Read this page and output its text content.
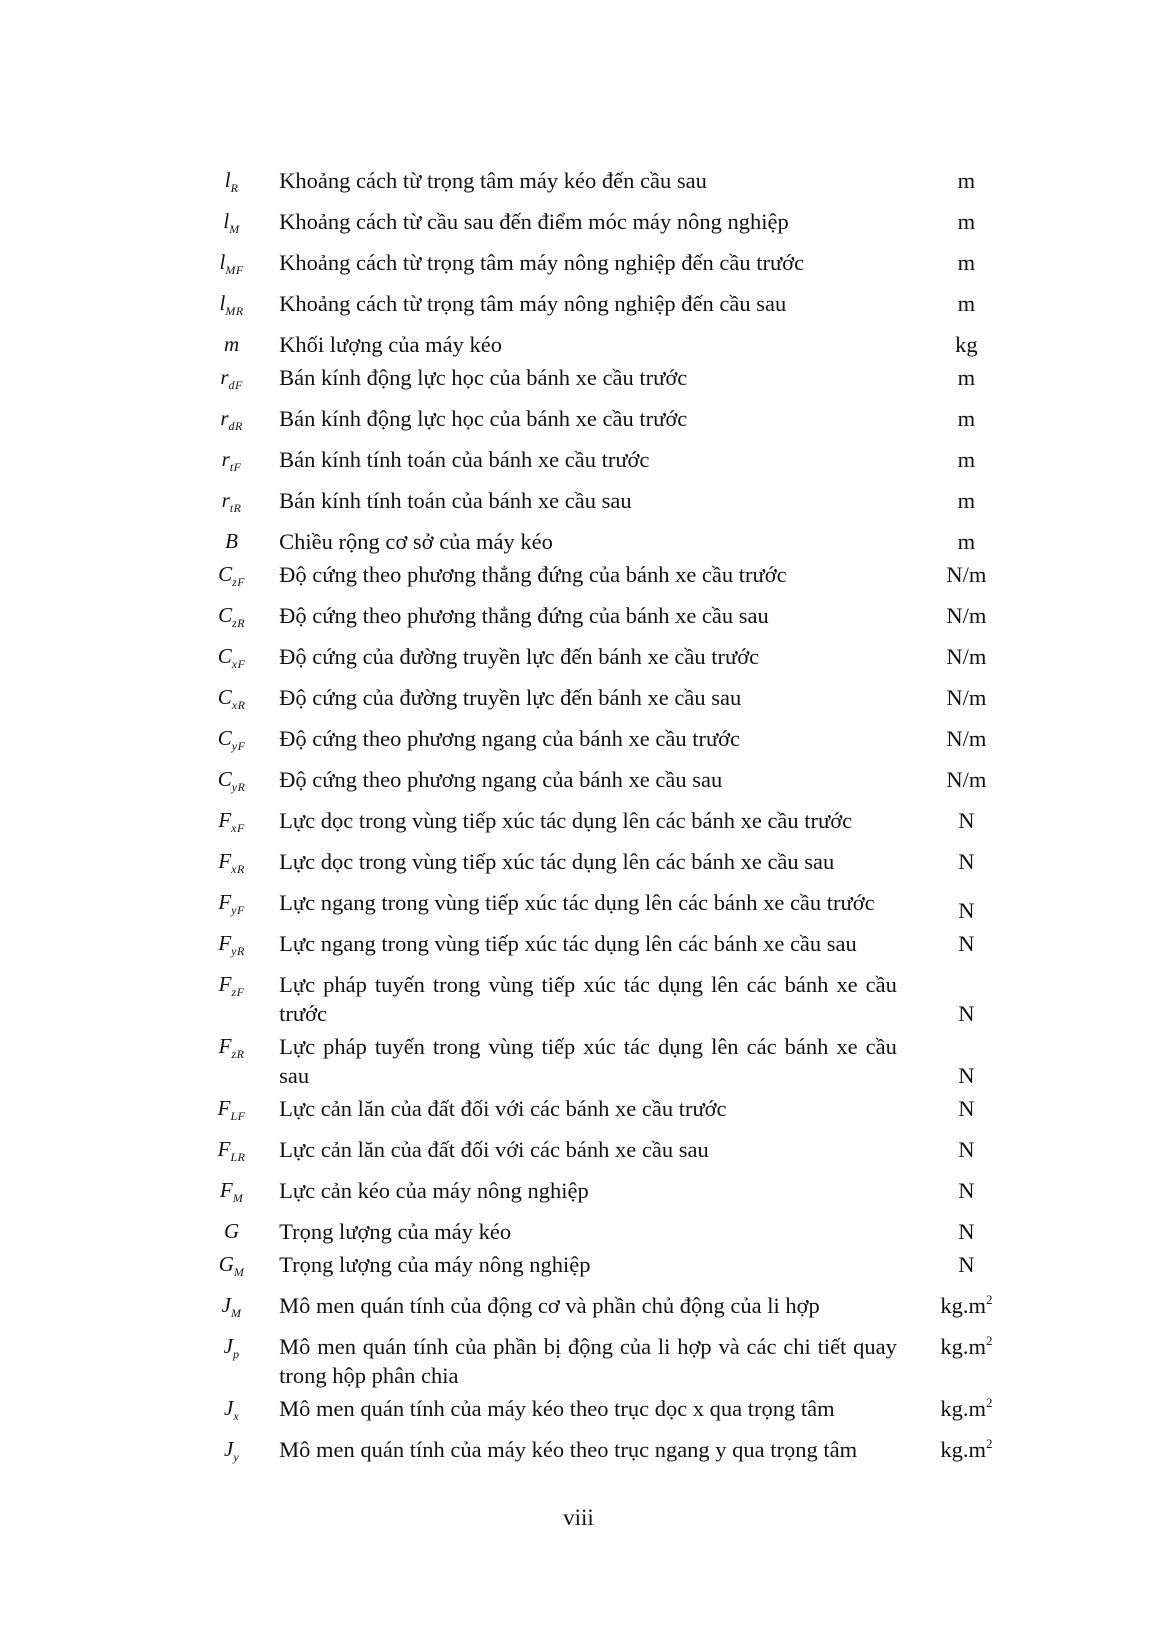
$l_R$	Khoảng cách từ trọng tâm máy kéo đến cầu sau	m
$l_M$	Khoảng cách từ cầu sau đến điểm móc máy nông nghiệp	m
$l_{MF}$	Khoảng cách từ trọng tâm máy nông nghiệp đến cầu trước	m
$l_{MR}$	Khoảng cách từ trọng tâm máy nông nghiệp đến cầu sau	m
m	Khối lượng của máy kéo	kg
$r_{dF}$	Bán kính động lực học của bánh xe cầu trước	m
$r_{dR}$	Bán kính động lực học của bánh xe cầu trước	m
$r_{tF}$	Bán kính tính toán của bánh xe cầu trước	m
$r_{tR}$	Bán kính tính toán của bánh xe cầu sau	m
B	Chiều rộng cơ sở của máy kéo	m
$C_{zF}$	Độ cứng theo phương thẳng đứng của bánh xe cầu trước	N/m
$C_{zR}$	Độ cứng theo phương thẳng đứng của bánh xe cầu sau	N/m
$C_{xF}$	Độ cứng của đường truyền lực đến bánh xe cầu trước	N/m
$C_{xR}$	Độ cứng của đường truyền lực đến bánh xe cầu sau	N/m
$C_{yF}$	Độ cứng theo phương ngang của bánh xe cầu trước	N/m
$C_{yR}$	Độ cứng theo phương ngang của bánh xe cầu sau	N/m
$F_{xF}$	Lực dọc trong vùng tiếp xúc tác dụng lên các bánh xe cầu trước	N
$F_{xR}$	Lực dọc trong vùng tiếp xúc tác dụng lên các bánh xe cầu sau	N
$F_{yF}$	Lực ngang trong vùng tiếp xúc tác dụng lên các bánh xe cầu trước	N
$F_{yR}$	Lực ngang trong vùng tiếp xúc tác dụng lên các bánh xe cầu sau	N
$F_{zF}$	Lực pháp tuyến trong vùng tiếp xúc tác dụng lên các bánh xe cầu trước	N
$F_{zR}$	Lực pháp tuyến trong vùng tiếp xúc tác dụng lên các bánh xe cầu sau	N
$F_{LF}$	Lực cản lăn của đất đối với các bánh xe cầu trước	N
$F_{LR}$	Lực cản lăn của đất đối với các bánh xe cầu sau	N
$F_M$	Lực cản kéo của máy nông nghiệp	N
G	Trọng lượng của máy kéo	N
$G_M$	Trọng lượng của máy nông nghiệp	N
$J_M$	Mô men quán tính của động cơ và phần chủ động của li hợp	$kg.m^2$
$J_p$	Mô men quán tính của phần bị động của li hợp và các chi tiết quay trong hộp phân chia	$kg.m^2$
$J_x$	Mô men quán tính của máy kéo theo trục dọc x qua trọng tâm	$kg.m^2$
$J_y$	Mô men quán tính của máy kéo theo trục ngang y qua trọng tâm	$kg.m^2$
viii
